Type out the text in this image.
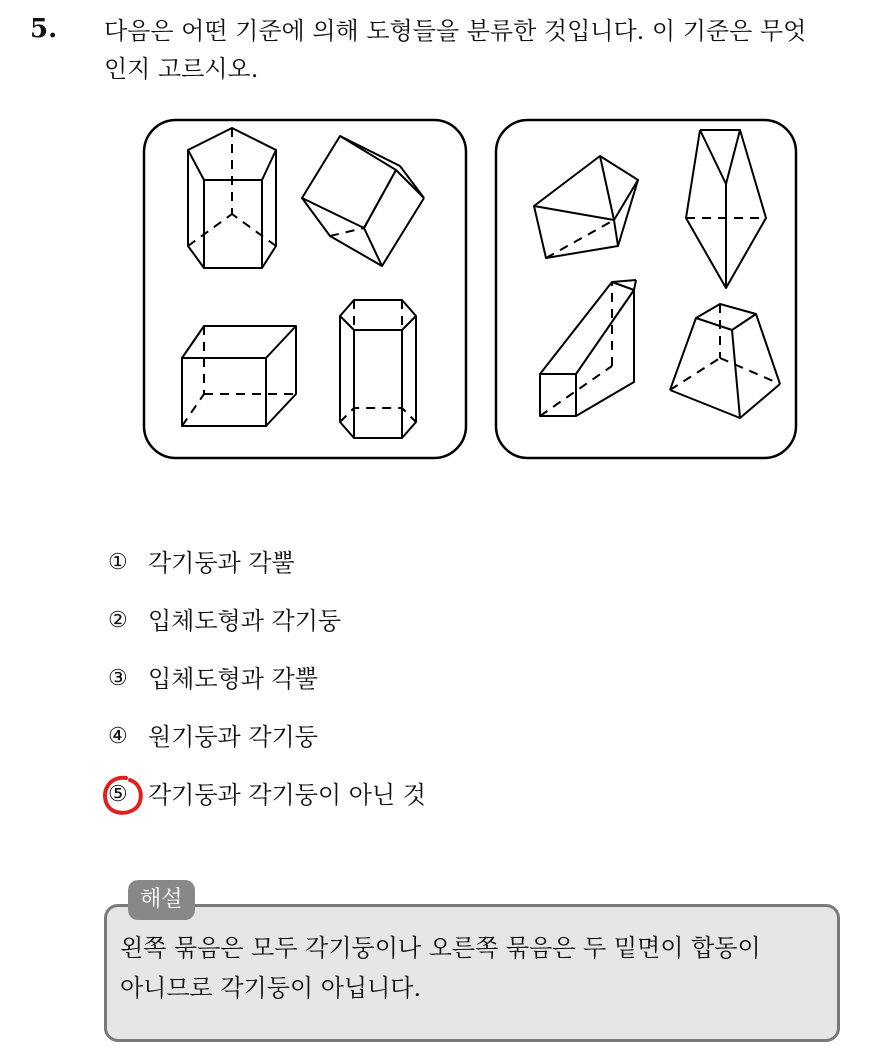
5. 다음은 어떤 기준에 의해 도형들을 분류한 것입니다. 이 기준은 무엇
인지 고르시오.
① 각기둥과 각뿔
② 입체도형과 각기둥
③ 입체도형과 각뿔
④ 원기둥과 각기둥
⑤ 각기둥과 각기둥이 아닌 것
해설
왼쪽 묶음은 모두 각기둥이나 오른쪽 묶음은 두 밑면이 합동이
아니므로 각기둥이 아닙니다.
